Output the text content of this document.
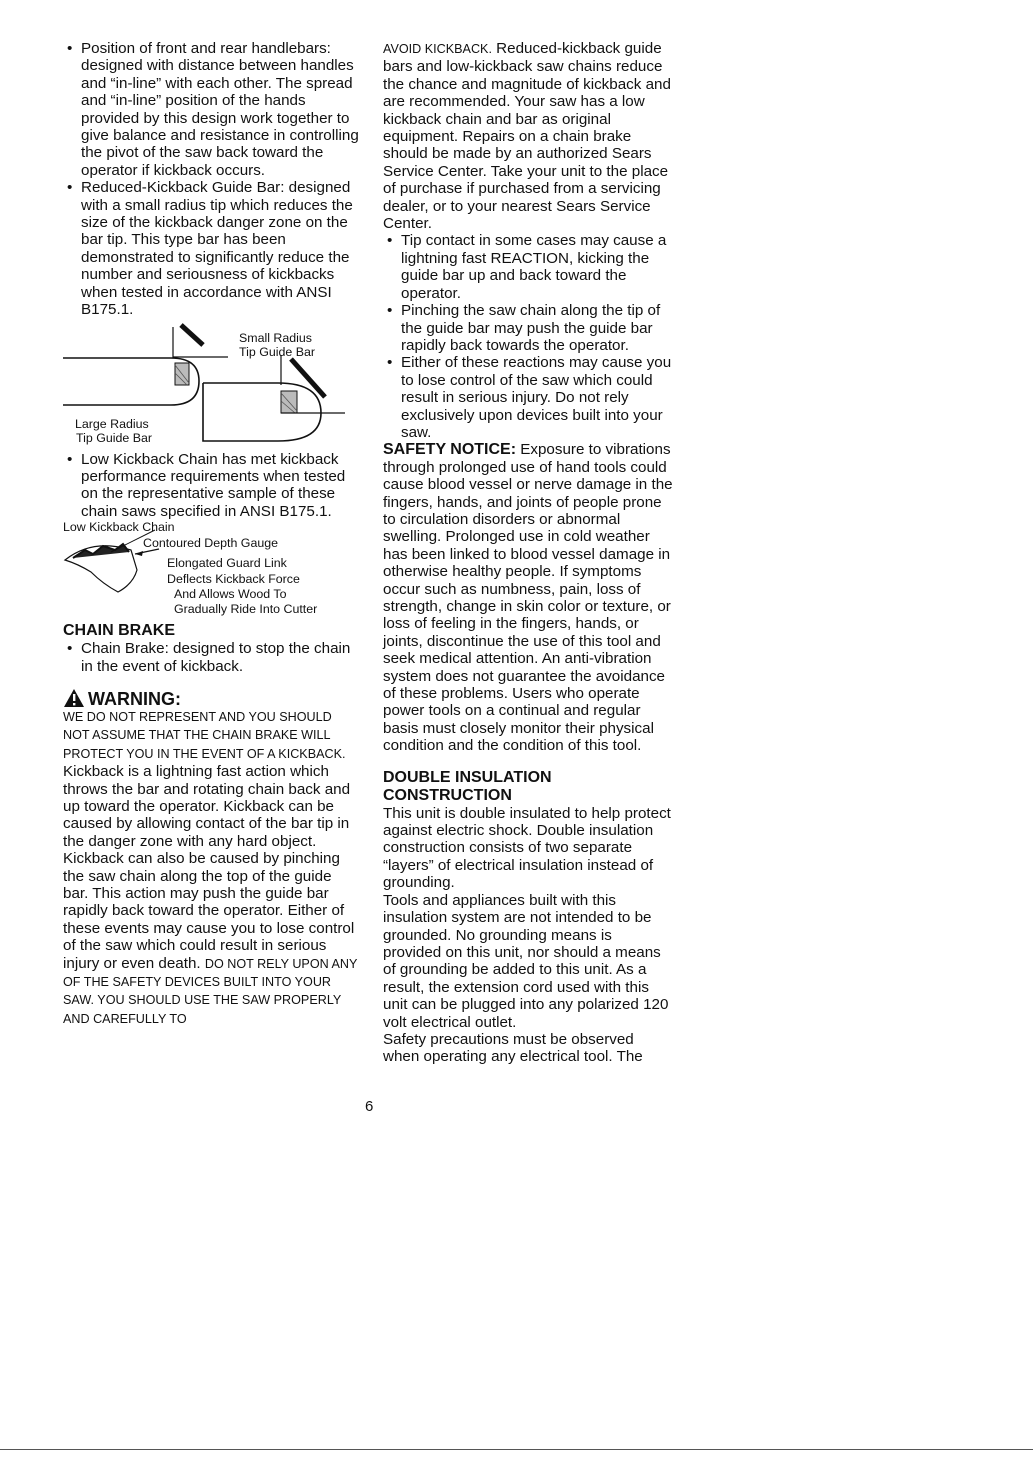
• Position of front and rear handlebars: designed with distance between handles and “in-line” with each other. The spread and “in-line” position of the hands provided by this design work together to give balance and resistance in controlling the pivot of the saw back toward the operator if kickback occurs.
• Reduced-Kickback Guide Bar: designed with a small radius tip which reduces the size of the kickback danger zone on the bar tip. This type bar has been demonstrated to significantly reduce the number and seriousness of kickbacks when tested in accordance with ANSI B175.1.
Small Radius
Tip Guide Bar
Large Radius
Tip Guide Bar
• Low Kickback Chain has met kickback performance requirements when tested on the representative sample of these chain saws specified in ANSI B175.1.
Low Kickback Chain
Contoured Depth Gauge
Elongated Guard Link
Deflects Kickback Force
And Allows Wood To
Gradually Ride Into Cutter
CHAIN BRAKE
• Chain Brake: designed to stop the chain in the event of kickback.
WARNING:

WE DO NOT REPRESENT AND YOU SHOULD NOT ASSUME THAT THE CHAIN BRAKE WILL PROTECT YOU IN THE EVENT OF A KICKBACK. Kickback is a lightning fast action which throws the bar and rotating chain back and up toward the operator. Kickback can be caused by allowing contact of the bar tip in the danger zone with any hard object. Kickback can also be caused by pinching the saw chain along the top of the guide bar. This action may push the guide bar rapidly back toward the operator. Either of these events may cause you to lose control of the saw which could result in serious injury or even death. DO NOT RELY UPON ANY OF THE SAFETY DEVICES BUILT INTO YOUR SAW. YOU SHOULD USE THE SAW PROPERLY AND CAREFULLY TO

AVOID KICKBACK. Reduced-kickback guide bars and low-kickback saw chains reduce the chance and magnitude of kickback and are recommended. Your saw has a low kickback chain and bar as original equipment. Repairs on a chain brake should be made by an authorized Sears Service Center. Take your unit to the place of purchase if purchased from a servicing dealer, or to your nearest Sears Service Center.

• Tip contact in some cases may cause a lightning fast REACTION, kicking the guide bar up and back toward the operator.
• Pinching the saw chain along the tip of the guide bar may push the guide bar rapidly back towards the operator.
• Either of these reactions may cause you to lose control of the saw which could result in serious injury. Do not rely exclusively upon devices built into your saw.

SAFETY NOTICE: Exposure to vibrations through prolonged use of hand tools could cause blood vessel or nerve damage in the fingers, hands, and joints of people prone to circulation disorders or abnormal swelling. Prolonged use in cold weather has been linked to blood vessel damage in otherwise healthy people. If symptoms occur such as numbness, pain, loss of strength, change in skin color or texture, or loss of feeling in the fingers, hands, or joints, discontinue the use of this tool and seek medical attention. An anti-vibration system does not guarantee the avoidance of these problems. Users who operate power tools on a continual and regular basis must closely monitor their physical condition and the condition of this tool.

DOUBLE INSULATION
CONSTRUCTION

This unit is double insulated to help protect against electric shock. Double insulation construction consists of two separate “layers” of electrical insulation instead of grounding.

Tools and appliances built with this insulation system are not intended to be grounded. No grounding means is provided on this unit, nor should a means of grounding be added to this unit. As a result, the extension cord used with this unit can be plugged into any polarized 120 volt electrical outlet.

Safety precautions must be observed when operating any electrical tool. The

6
